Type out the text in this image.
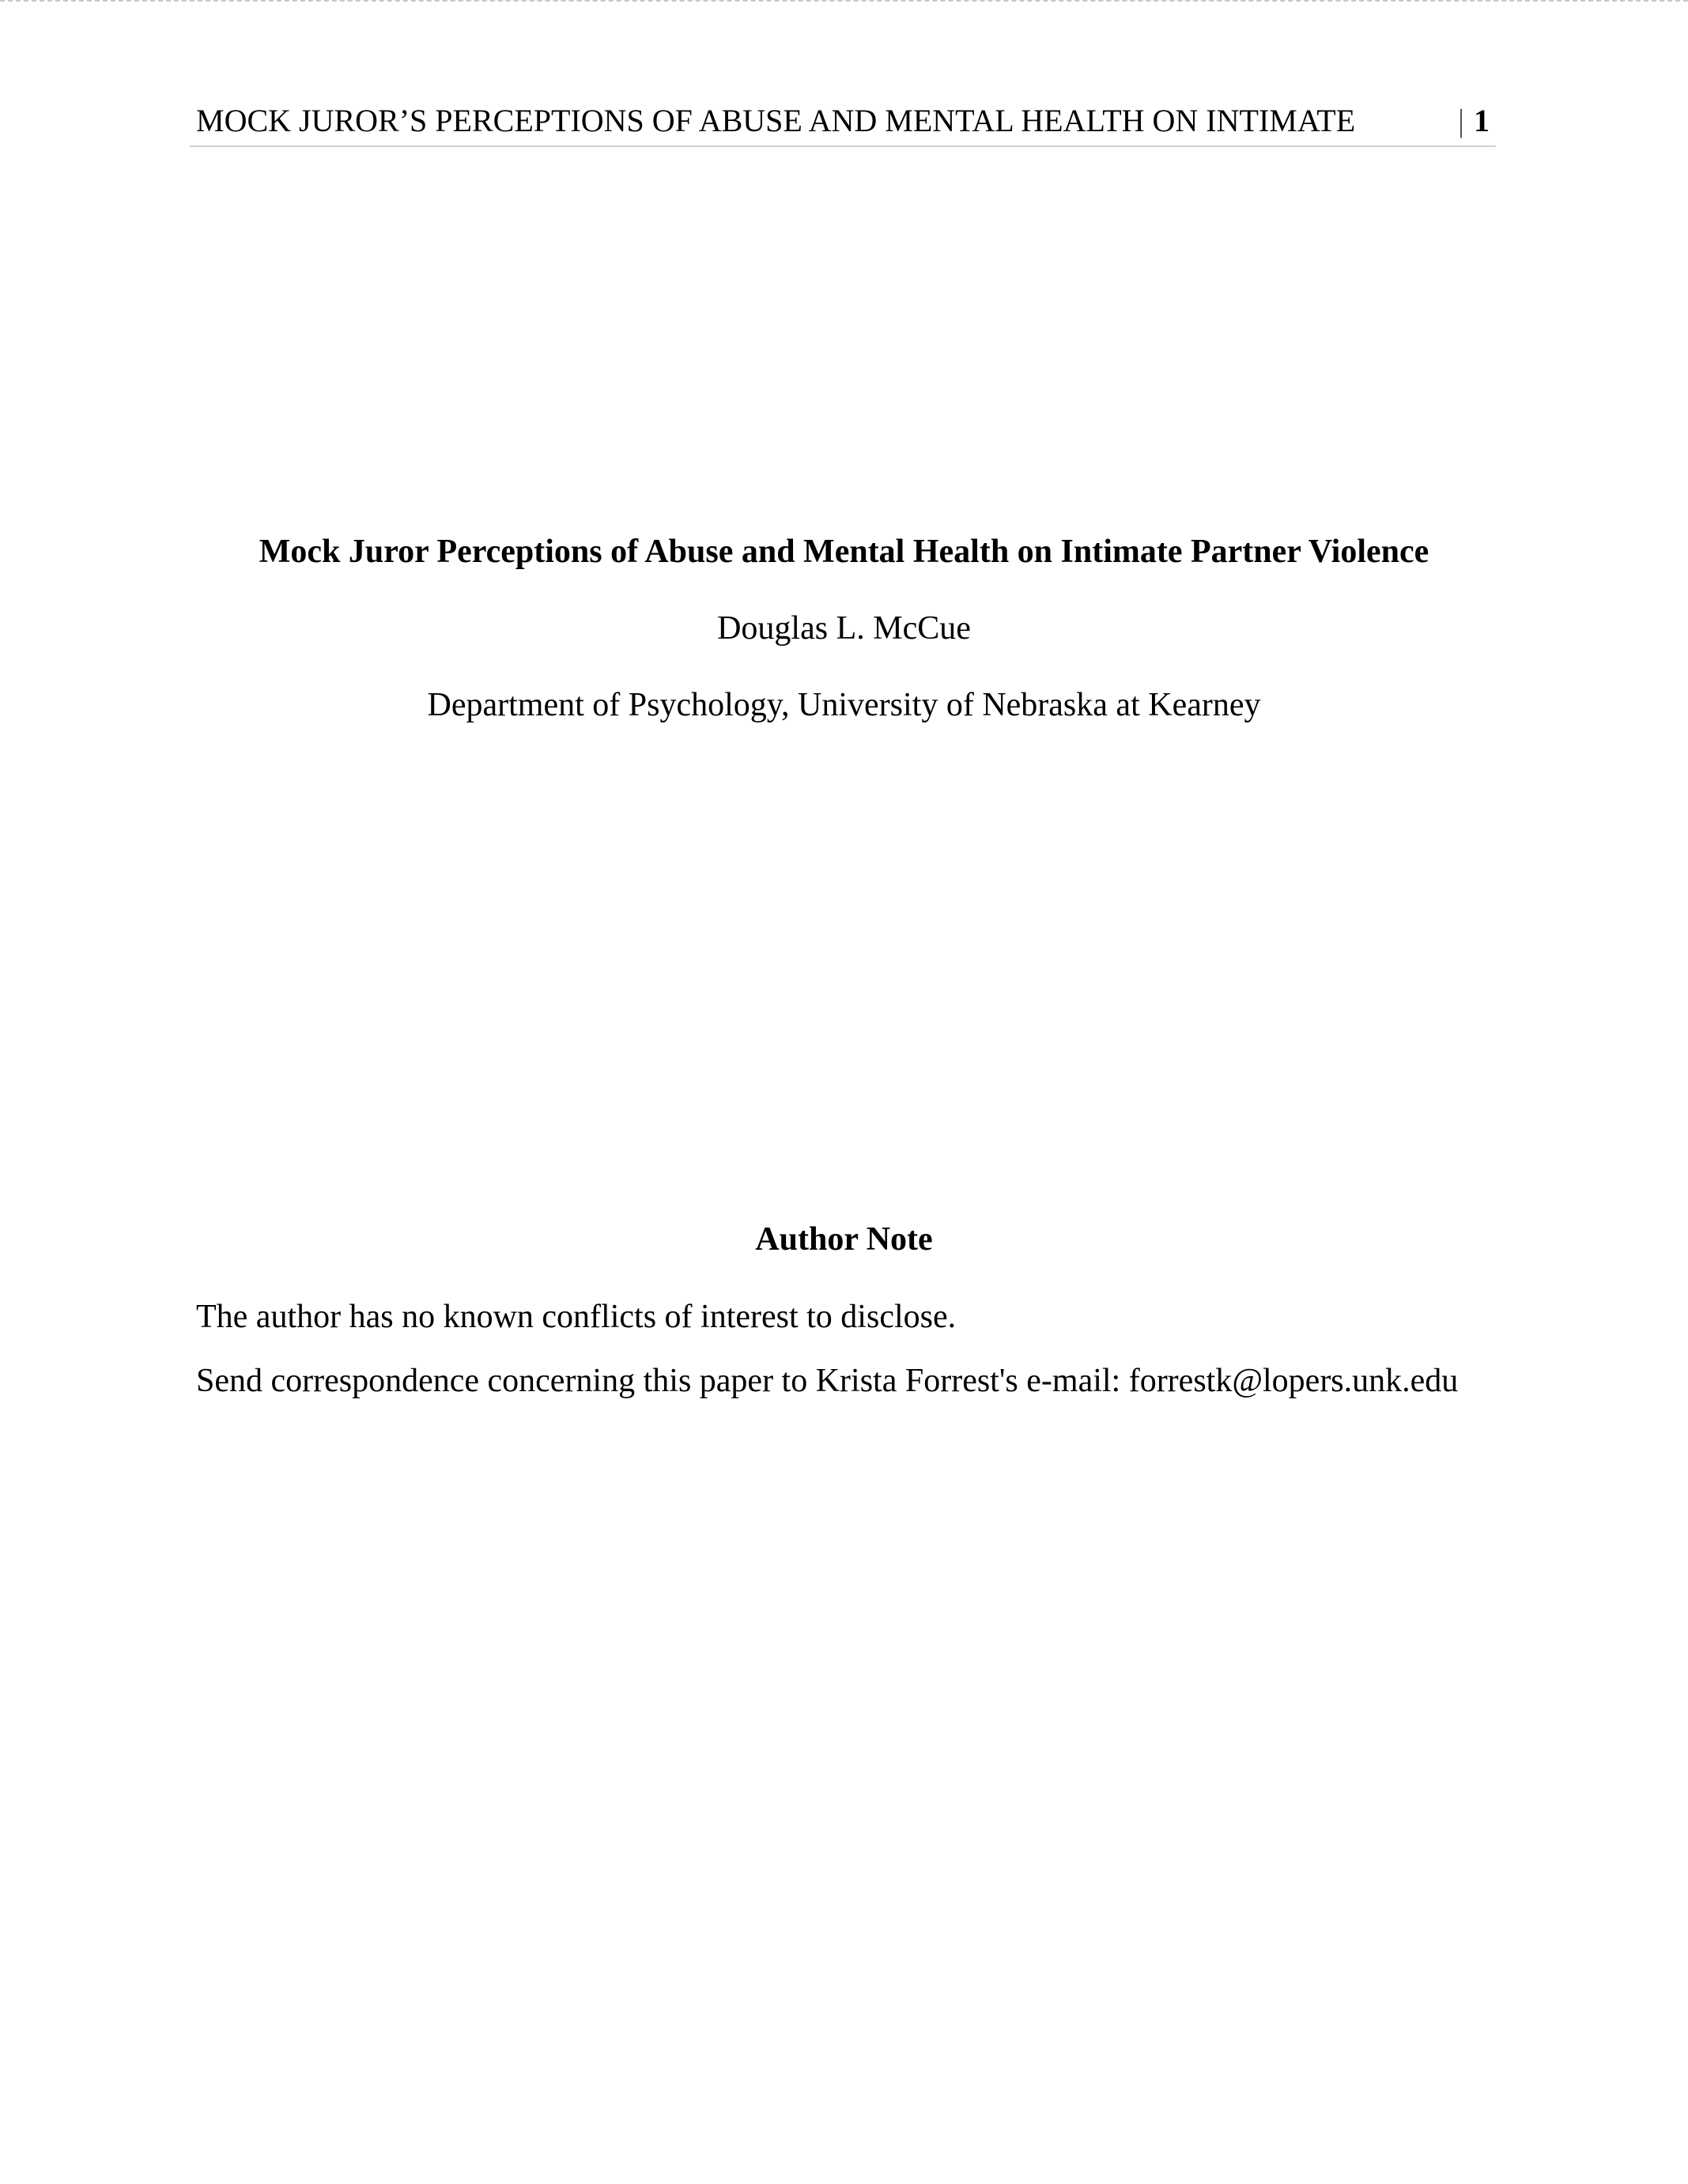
MOCK JUROR’S PERCEPTIONS OF ABUSE AND MENTAL HEALTH ON INTIMATE	| 1
Mock Juror Perceptions of Abuse and Mental Health on Intimate Partner Violence
Douglas L. McCue
Department of Psychology, University of Nebraska at Kearney
Author Note
The author has no known conflicts of interest to disclose.
Send correspondence concerning this paper to Krista Forrest's e-mail: forrestk@lopers.unk.edu
